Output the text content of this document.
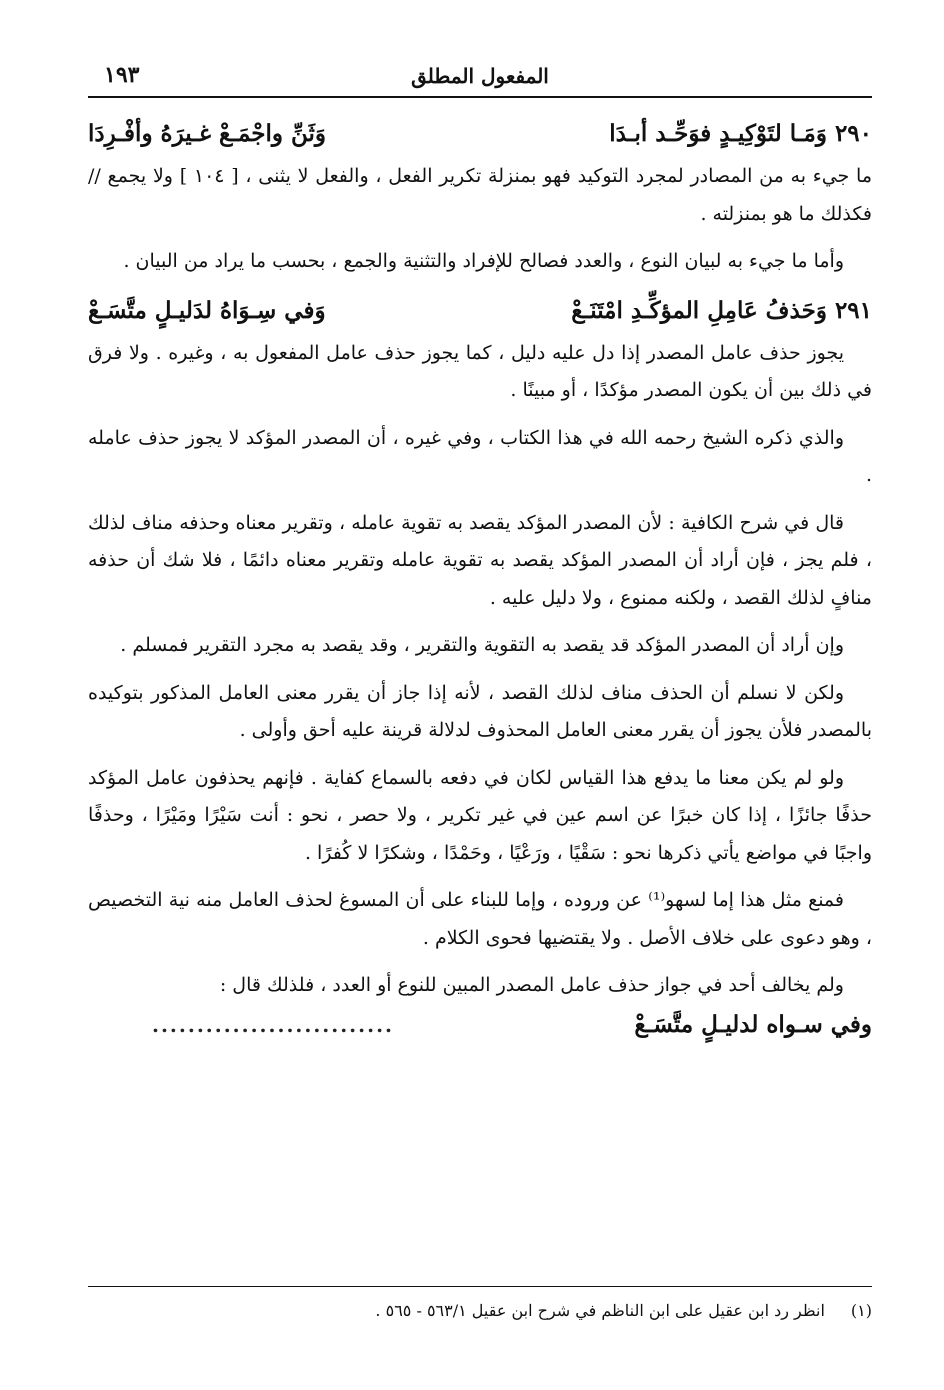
المفعول المطلق
١٩٣
٢٩٠ وَمَـا لتَوْكِيـدٍ فوَحِّـد أبـدَا
وَثَنِّ واجْمَـعْ غـيرَهُ وأفْـرِدَا

ما جيء به من المصادر لمجرد التوكيد فهو بمنزلة تكرير الفعل ، والفعل لا يثنى ، [ ١٠٤ ] ولا يجمع // فكذلك ما هو بمنزلته .

وأما ما جيء به لبيان النوع ، والعدد فصالح للإفراد والتثنية والجمع ، بحسب ما يراد من البيان .

٢٩١ وَحَذفُ عَامِلِ المؤكِّـدِ امْتَنَـعْ
وَفي سِـوَاهُ لدَليـلٍ متَّسَـعْ

يجوز حذف عامل المصدر إذا دل عليه دليل ، كما يجوز حذف عامل المفعول به ، وغيره . ولا فرق في ذلك بين أن يكون المصدر مؤكدًا ، أو مبينًا .

والذي ذكره الشيخ رحمه الله في هذا الكتاب ، وفي غيره ، أن المصدر المؤكد لا يجوز حذف عامله .

قال في شرح الكافية : لأن المصدر المؤكد يقصد به تقوية عامله ، وتقرير معناه وحذفه مناف لذلك ، فلم يجز ، فإن أراد أن المصدر المؤكد يقصد به تقوية عامله وتقرير معناه دائمًا ، فلا شك أن حذفه منافٍ لذلك القصد ، ولكنه ممنوع ، ولا دليل عليه .

وإن أراد أن المصدر المؤكد قد يقصد به التقوية والتقرير ، وقد يقصد به مجرد التقرير فمسلم .

ولكن لا نسلم أن الحذف مناف لذلك القصد ، لأنه إذا جاز أن يقرر معنى العامل المذكور بتوكيده بالمصدر فلأن يجوز أن يقرر معنى العامل المحذوف لدلالة قرينة عليه أحق وأولى .

ولو لم يكن معنا ما يدفع هذا القياس لكان في دفعه بالسماع كفاية . فإنهم يحذفون عامل المؤكد حذفًا جائزًا ، إذا كان خبرًا عن اسم عين في غير تكرير ، ولا حصر ، نحو : أنت سَيْرًا ومَيْرًا ، وحذفًا واجبًا في مواضع يأتي ذكرها نحو : سَقْيًا ، ورَعْيًا ، وحَمْدًا ، وشكرًا لا كُفرًا .

فمنع مثل هذا إما لسهو⁽¹⁾ عن وروده ، وإما للبناء على أن المسوغ لحذف العامل منه نية التخصيص ، وهو دعوى على خلاف الأصل . ولا يقتضيها فحوى الكلام .

ولم يخالف أحد في جواز حذف عامل المصدر المبين للنوع أو العدد ، فلذلك قال :

وفي سـواه لدليـلٍ متَّسَـعْ
...........................
(١)انظر رد ابن عقيل على ابن الناظم في شرح ابن عقيل ٥٦٣/١ - ٥٦٥ .
